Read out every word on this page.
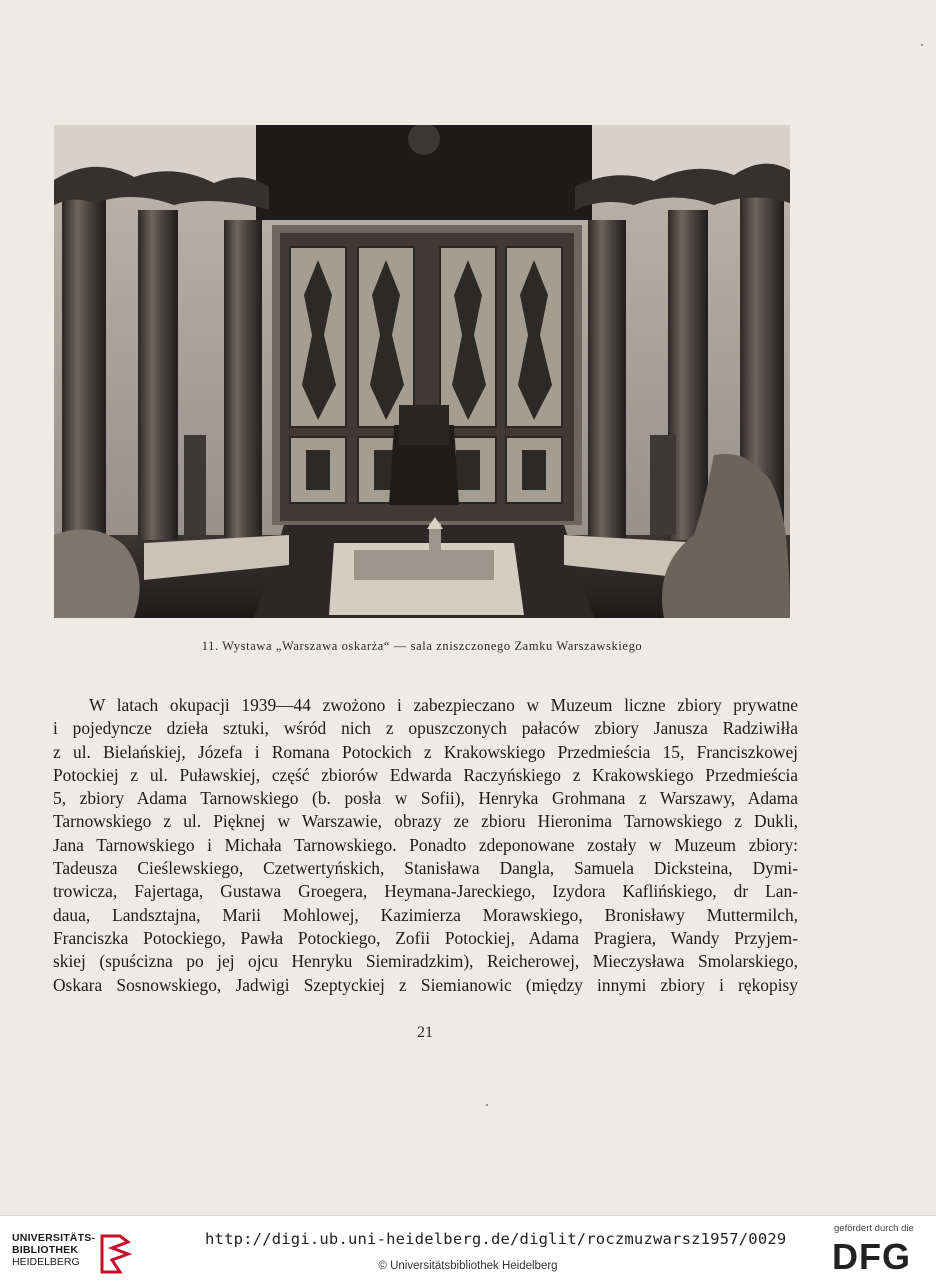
11. Wystawa „Warszawa oskarża“ — sala zniszczonego Zamku Warszawskiego
W latach okupacji 1939—44 zwożono i zabezpieczano w Muzeum liczne zbiory prywatne
i pojedyncze dzieła sztuki, wśród nich z opuszczonych pałaców zbiory Janusza Radziwiłła
z ul. Bielańskiej, Józefa i Romana Potockich z Krakowskiego Przedmieścia 15, Franciszkowej
Potockiej z ul. Puławskiej, część zbiorów Edwarda Raczyńskiego z Krakowskiego Przedmieścia
5, zbiory Adama Tarnowskiego (b. posła w Sofii), Henryka Grohmana z Warszawy, Adama
Tarnowskiego z ul. Pięknej w Warszawie, obrazy ze zbioru Hieronima Tarnowskiego z Dukli,
Jana Tarnowskiego i Michała Tarnowskiego. Ponadto zdeponowane zostały w Muzeum zbiory:
Tadeusza Cieślewskiego, Czetwertyńskich, Stanisława Dangla, Samuela Dicksteina, Dymi-
trowicza, Fajertaga, Gustawa Groegera, Heymana-Jareckiego, Izydora Kaflińskiego, dr Lan-
daua, Landsztajna, Marii Mohlowej, Kazimierza Morawskiego, Bronisławy Muttermilch,
Franciszka Potockiego, Pawła Potockiego, Zofii Potockiej, Adama Pragiera, Wandy Przyjem-
skiej (spuścizna po jej ojcu Henryku Siemiradzkim), Reicherowej, Mieczysława Smolarskiego,
Oskara Sosnowskiego, Jadwigi Szeptyckiej z Siemianowic (między innymi zbiory i rękopisy
21
UNIVERSITÄTS-
BIBLIOTHEK
HEIDELBERG
http://digi.ub.uni-heidelberg.de/diglit/roczmuzwarsz1957/0029
© Universitätsbibliothek Heidelberg
gefördert durch die
DFG
